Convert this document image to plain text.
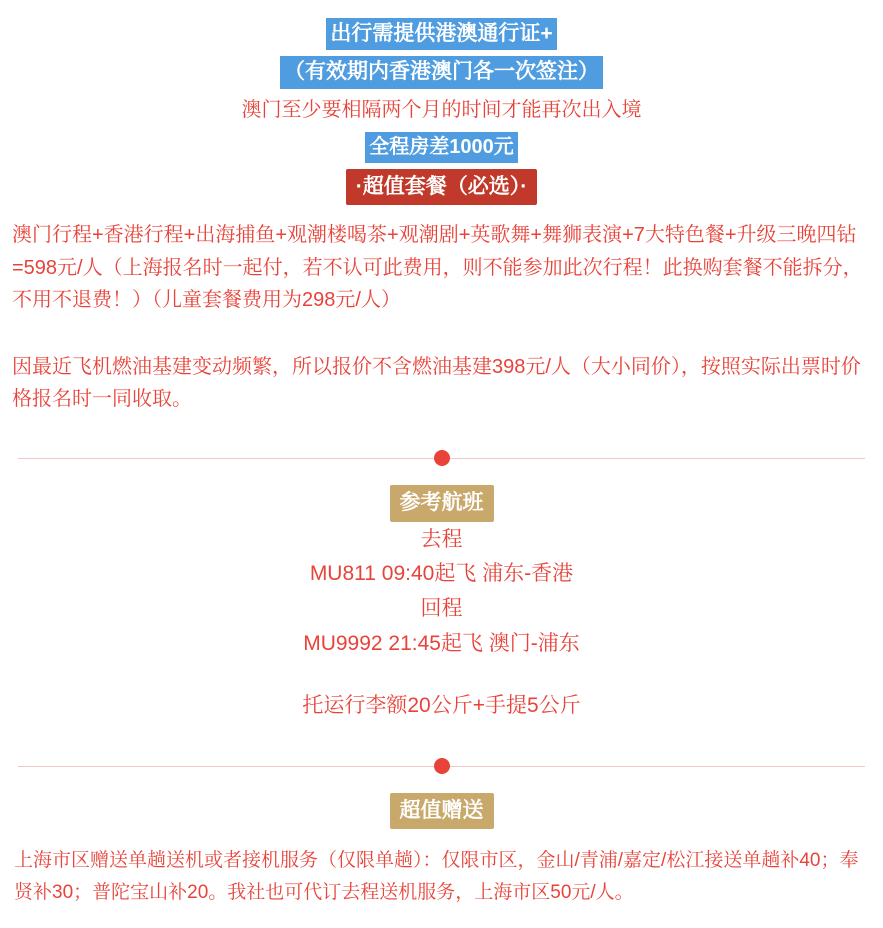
出行需提供港澳通行证+
（有效期内香港澳门各一次签注）
澳门至少要相隔两个月的时间才能再次出入境
全程房差1000元
·超值套餐（必选）·
澳门行程+香港行程+出海捕鱼+观潮楼喝茶+观潮剧+英歌舞+舞狮表演+7大特色餐+升级三晚四钻=598元/人（上海报名时一起付，若不认可此费用，则不能参加此次行程！此换购套餐不能拆分，不用不退费！）（儿童套餐费用为298元/人）
因最近飞机燃油基建变动频繁，所以报价不含燃油基建398元/人（大小同价），按照实际出票时价格报名时一同收取。
参考航班
去程
MU811 09:40起飞 浦东-香港
回程
MU9992 21:45起飞 澳门-浦东
托运行李额20公斤+手提5公斤
超值赠送
上海市区赠送单趟送机或者接机服务（仅限单趟）：仅限市区，金山/青浦/嘉定/松江接送单趟补40；奉贤补30；普陀宝山补20。我社也可代订去程送机服务，上海市区50元/人。
